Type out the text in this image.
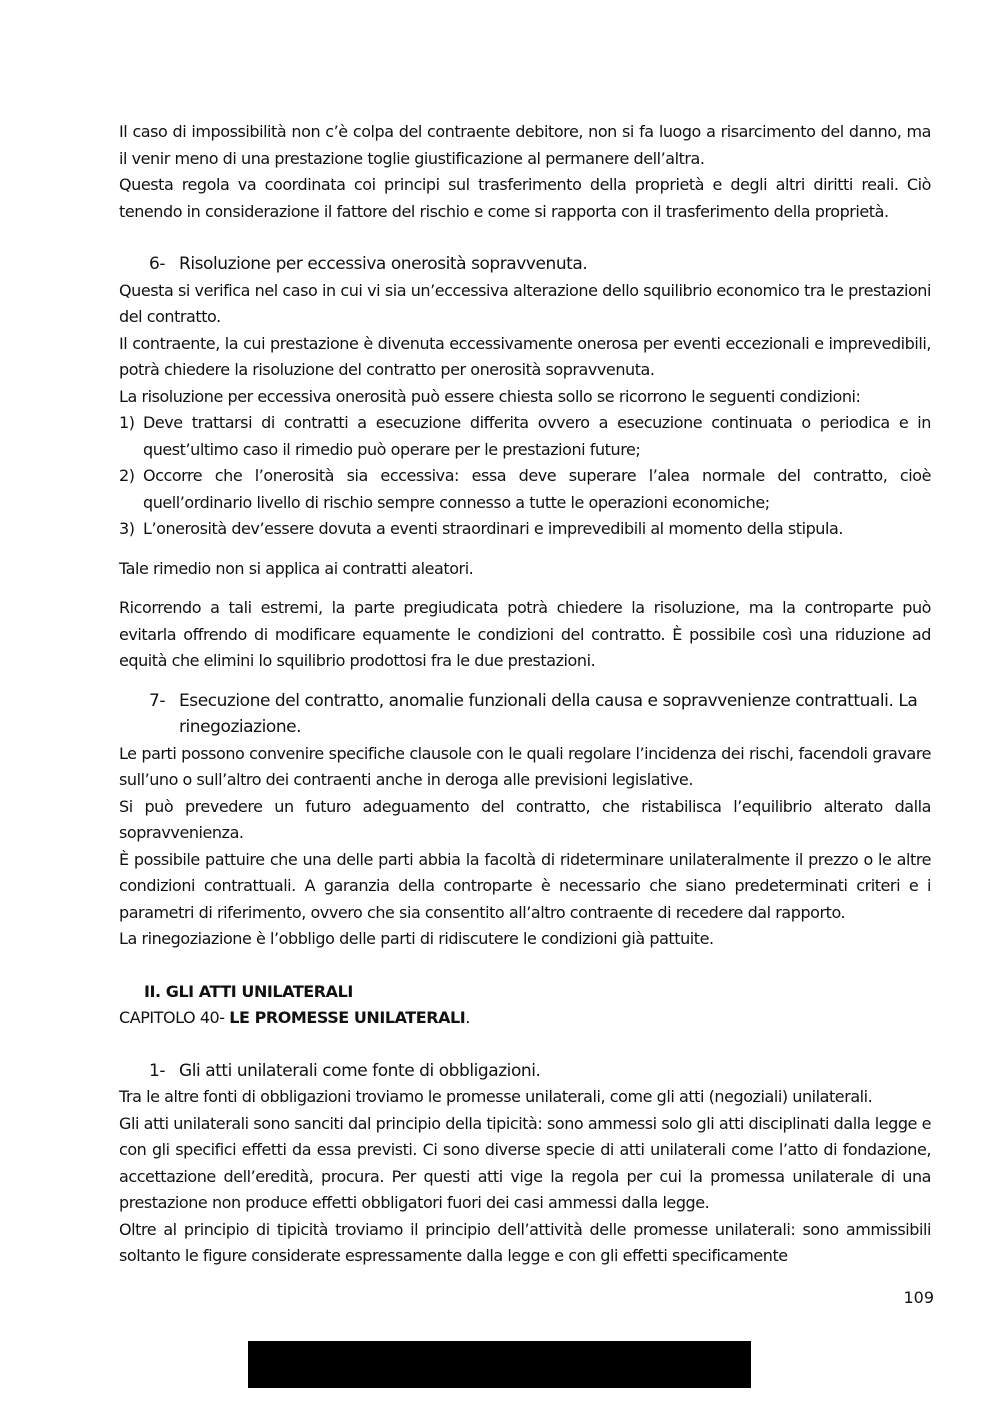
Il caso di impossibilità non c’è colpa del contraente debitore, non si fa luogo a risarcimento del danno, ma il venir meno di una prestazione toglie giustificazione al permanere dell’altra.

Questa regola va coordinata coi principi sul trasferimento della proprietà e degli altri diritti reali. Ciò tenendo in considerazione il fattore del rischio e come si rapporta con il trasferimento della proprietà.

6- Risoluzione per eccessiva onerosità sopravvenuta.

Questa si verifica nel caso in cui vi sia un’eccessiva alterazione dello squilibrio economico tra le prestazioni del contratto.

Il contraente, la cui prestazione è divenuta eccessivamente onerosa per eventi eccezionali e imprevedibili, potrà chiedere la risoluzione del contratto per onerosità sopravvenuta.

La risoluzione per eccessiva onerosità può essere chiesta sollo se ricorrono le seguenti condizioni:

1) Deve trattarsi di contratti a esecuzione differita ovvero a esecuzione continuata o periodica e in quest’ultimo caso il rimedio può operare per le prestazioni future;
2) Occorre che l’onerosità sia eccessiva: essa deve superare l’alea normale del contratto, cioè quell’ordinario livello di rischio sempre connesso a tutte le operazioni economiche;
3) L’onerosità dev’essere dovuta a eventi straordinari e imprevedibili al momento della stipula.

Tale rimedio non si applica ai contratti aleatori.

Ricorrendo a tali estremi, la parte pregiudicata potrà chiedere la risoluzione, ma la controparte può evitarla offrendo di modificare equamente le condizioni del contratto. È possibile così una riduzione ad equità che elimini lo squilibrio prodottosi fra le due prestazioni.

7- Esecuzione del contratto, anomalie funzionali della causa e sopravvenienze contrattuali. La rinegoziazione.

Le parti possono convenire specifiche clausole con le quali regolare l’incidenza dei rischi, facendoli gravare sull’uno o sull’altro dei contraenti anche in deroga alle previsioni legislative.

Si può prevedere un futuro adeguamento del contratto, che ristabilisca l’equilibrio alterato dalla sopravvenienza.

È possibile pattuire che una delle parti abbia la facoltà di rideterminare unilateralmente il prezzo o le altre condizioni contrattuali. A garanzia della controparte è necessario che siano predeterminati criteri e i parametri di riferimento, ovvero che sia consentito all’altro contraente di recedere dal rapporto.

La rinegoziazione è l’obbligo delle parti di ridiscutere le condizioni già pattuite.

II. GLI ATTI UNILATERALI

CAPITOLO 40- LE PROMESSE UNILATERALI.

1- Gli atti unilaterali come fonte di obbligazioni.

Tra le altre fonti di obbligazioni troviamo le promesse unilaterali, come gli atti (negoziali) unilaterali.

Gli atti unilaterali sono sanciti dal principio della tipicità: sono ammessi solo gli atti disciplinati dalla legge e con gli specifici effetti da essa previsti. Ci sono diverse specie di atti unilaterali come l’atto di fondazione, accettazione dell’eredità, procura. Per questi atti vige la regola per cui la promessa unilaterale di una prestazione non produce effetti obbligatori fuori dei casi ammessi dalla legge.

Oltre al principio di tipicità troviamo il principio dell’attività delle promesse unilaterali: sono ammissibili soltanto le figure considerate espressamente dalla legge e con gli effetti specificamente

109
